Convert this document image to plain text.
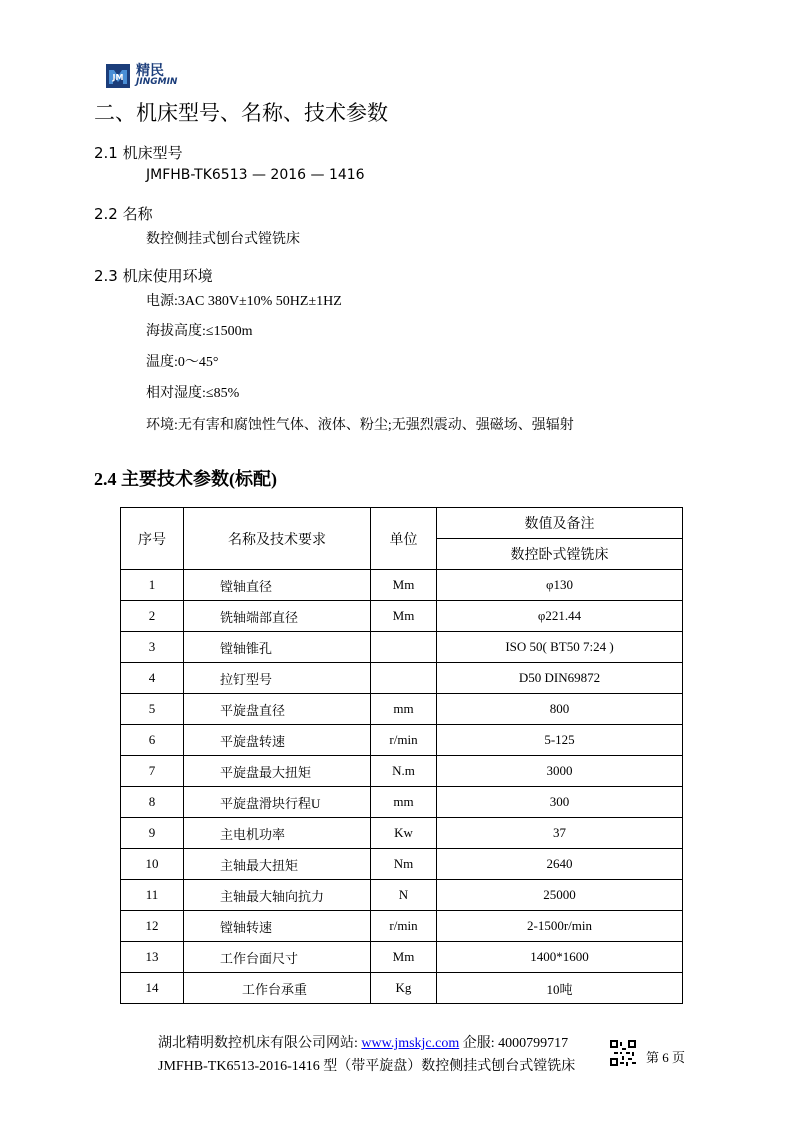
JM 精民
JINGMIN
二、机床型号、名称、技术参数
2.1 机床型号
JMFHB-TK6513 — 2016 — 1416
2.2 名称
数控侧挂式刨台式镗铣床
2.3 机床使用环境
电源:3AC 380V±10% 50HZ±1HZ
海拔高度:≤1500m
温度:0～45°
相对湿度:≤85%
环境:无有害和腐蚀性气体、液体、粉尘;无强烈震动、强磁场、强辐射
2.4 主要技术参数(标配)
序号	名称及技术要求	单位	数值及备注
			数控卧式镗铣床
1	镗轴直径	Mm	φ130
2	铣轴端部直径	Mm	φ221.44
3	镗轴锥孔		ISO 50( BT50 7:24 )
4	拉钉型号		D50 DIN69872
5	平旋盘直径	mm	800
6	平旋盘转速	r/min	5-125
7	平旋盘最大扭矩	N.m	3000
8	平旋盘滑块行程U	mm	300
9	主电机功率	Kw	37
10	主轴最大扭矩	Nm	2640
11	主轴最大轴向抗力	N	25000
12	镗轴转速	r/min	2-1500r/min
13	工作台面尺寸	Mm	1400*1600
14	工作台承重	Kg	10吨
湖北精明数控机床有限公司网站: www.jmskjc.com 企服: 4000799717
JMFHB-TK6513-2016-1416 型（带平旋盘）数控侧挂式刨台式镗铣床
第 6 页
